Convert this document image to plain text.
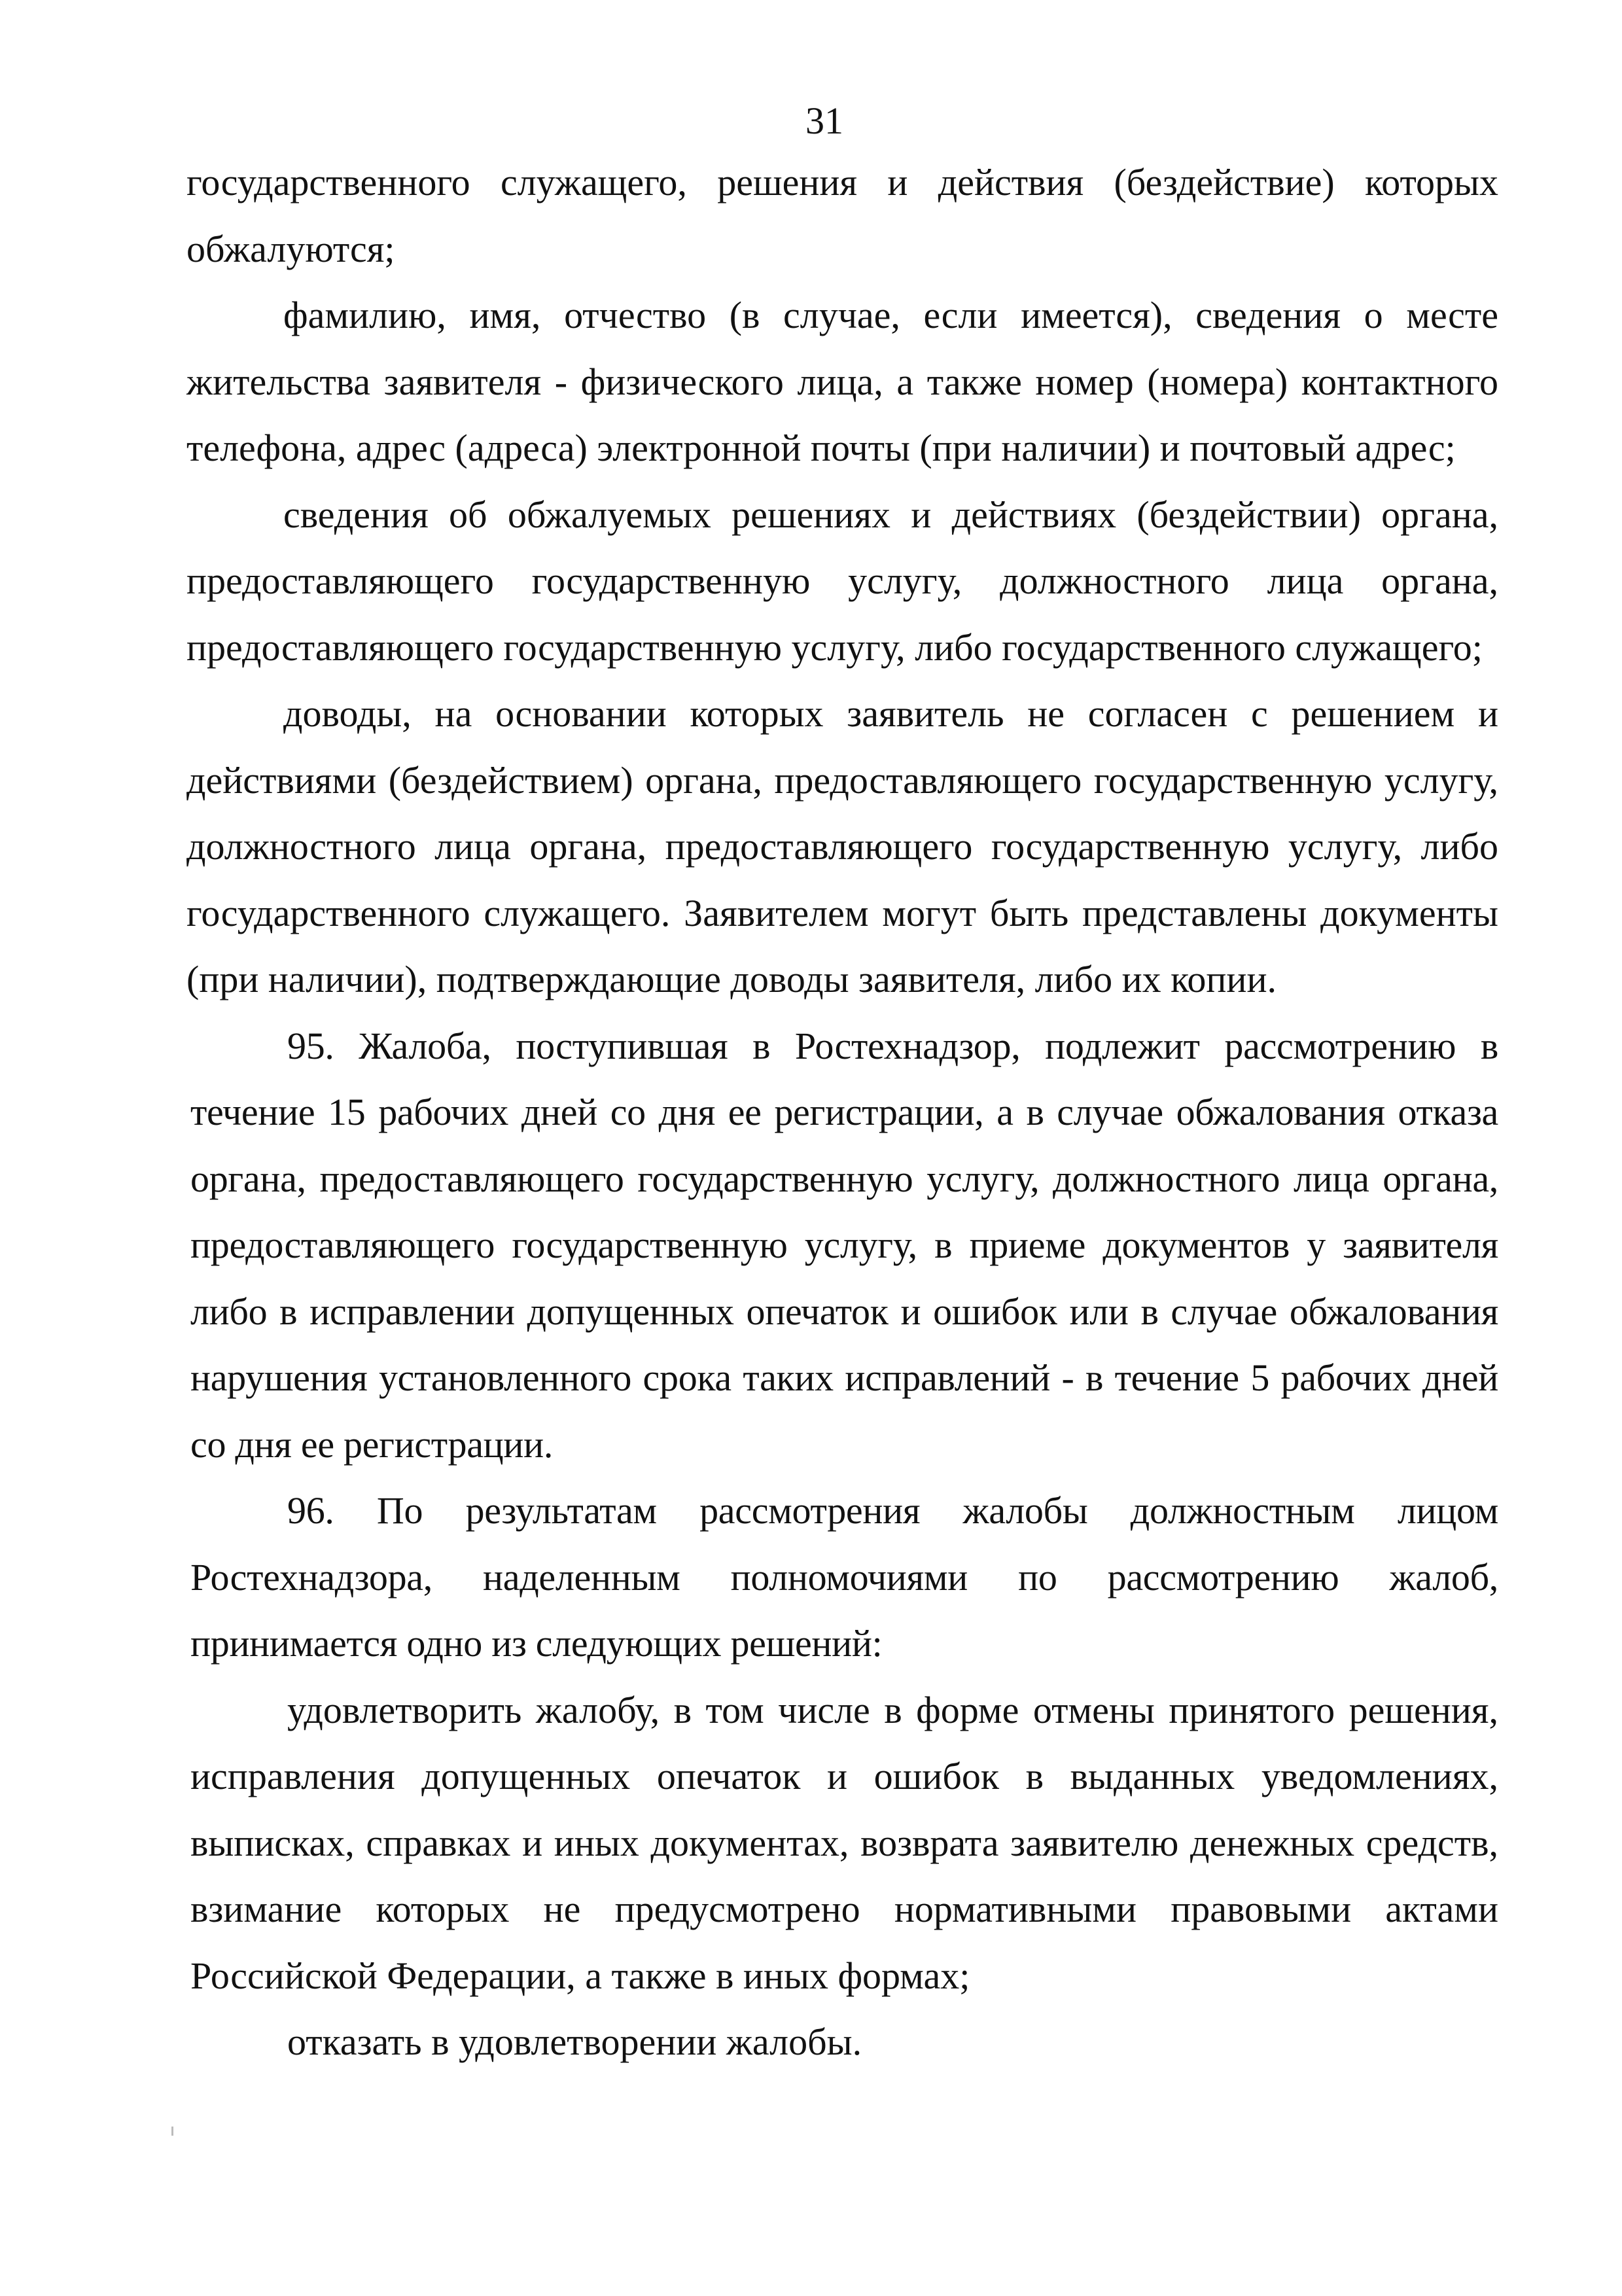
31

государственного служащего, решения и действия (бездействие) которых обжалуются;

фамилию, имя, отчество (в случае, если имеется), сведения о месте жительства заявителя - физического лица, а также номер (номера) контактного телефона, адрес (адреса) электронной почты (при наличии) и почтовый адрес;

сведения об обжалуемых решениях и действиях (бездействии) органа, предоставляющего государственную услугу, должностного лица органа, предоставляющего государственную услугу, либо государственного служащего;

доводы, на основании которых заявитель не согласен с решением и действиями (бездействием) органа, предоставляющего государственную услугу, должностного лица органа, предоставляющего государственную услугу, либо государственного служащего. Заявителем могут быть представлены документы (при наличии), подтверждающие доводы заявителя, либо их копии.

95. Жалоба, поступившая в Ростехнадзор, подлежит рассмотрению в течение 15 рабочих дней со дня ее регистрации, а в случае обжалования отказа органа, предоставляющего государственную услугу, должностного лица органа, предоставляющего государственную услугу, в приеме документов у заявителя либо в исправлении допущенных опечаток и ошибок или в случае обжалования нарушения установленного срока таких исправлений - в течение 5 рабочих дней со дня ее регистрации.

96. По результатам рассмотрения жалобы должностным лицом Ростехнадзора, наделенным полномочиями по рассмотрению жалоб, принимается одно из следующих решений:

удовлетворить жалобу, в том числе в форме отмены принятого решения, исправления допущенных опечаток и ошибок в выданных уведомлениях, выписках, справках и иных документах, возврата заявителю денежных средств, взимание которых не предусмотрено нормативными правовыми актами Российской Федерации, а также в иных формах;

отказать в удовлетворении жалобы.
